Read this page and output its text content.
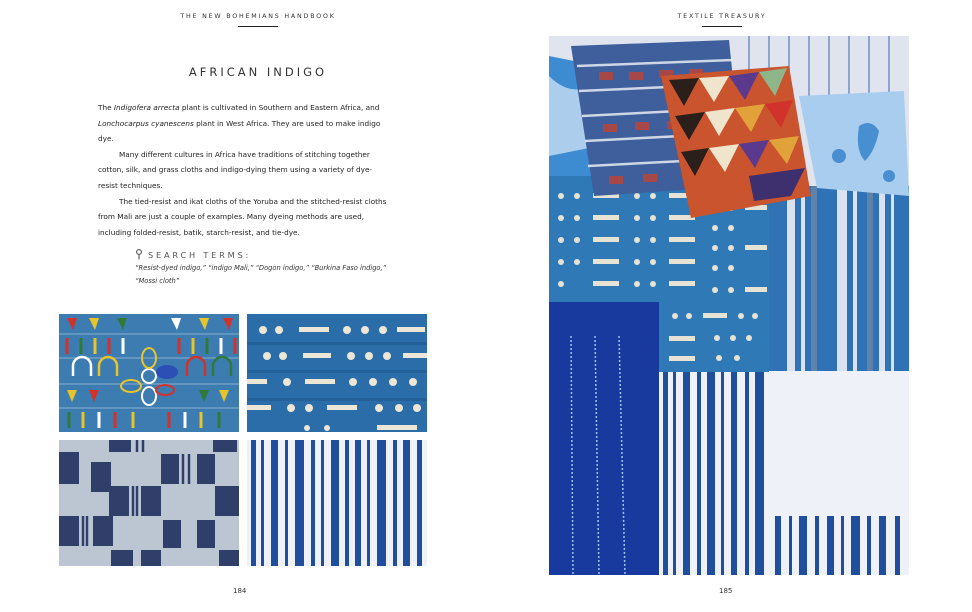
THE NEW BOHEMIANS HANDBOOK
AFRICAN INDIGO

The Indigofera arrecta plant is cultivated in Southern and Eastern Africa, and Lonchocarpus cyanescens plant in West Africa. They are used to make indigo dye.

Many different cultures in Africa have traditions of stitching together cotton, silk, and grass cloths and indigo-dying them using a variety of dye-resist techniques.

The tied-resist and ikat cloths of the Yoruba and the stitched-resist cloths from Mali are just a couple of examples. Many dyeing methods are used, including folded-resist, batik, starch-resist, and tie-dye.

SEARCH TERMS:
“Resist-dyed indigo,” “indigo Mali,” “Dogon indigo,” “Burkina Faso indigo,” “Mossi cloth”
184
TEXTILE TREASURY
185
